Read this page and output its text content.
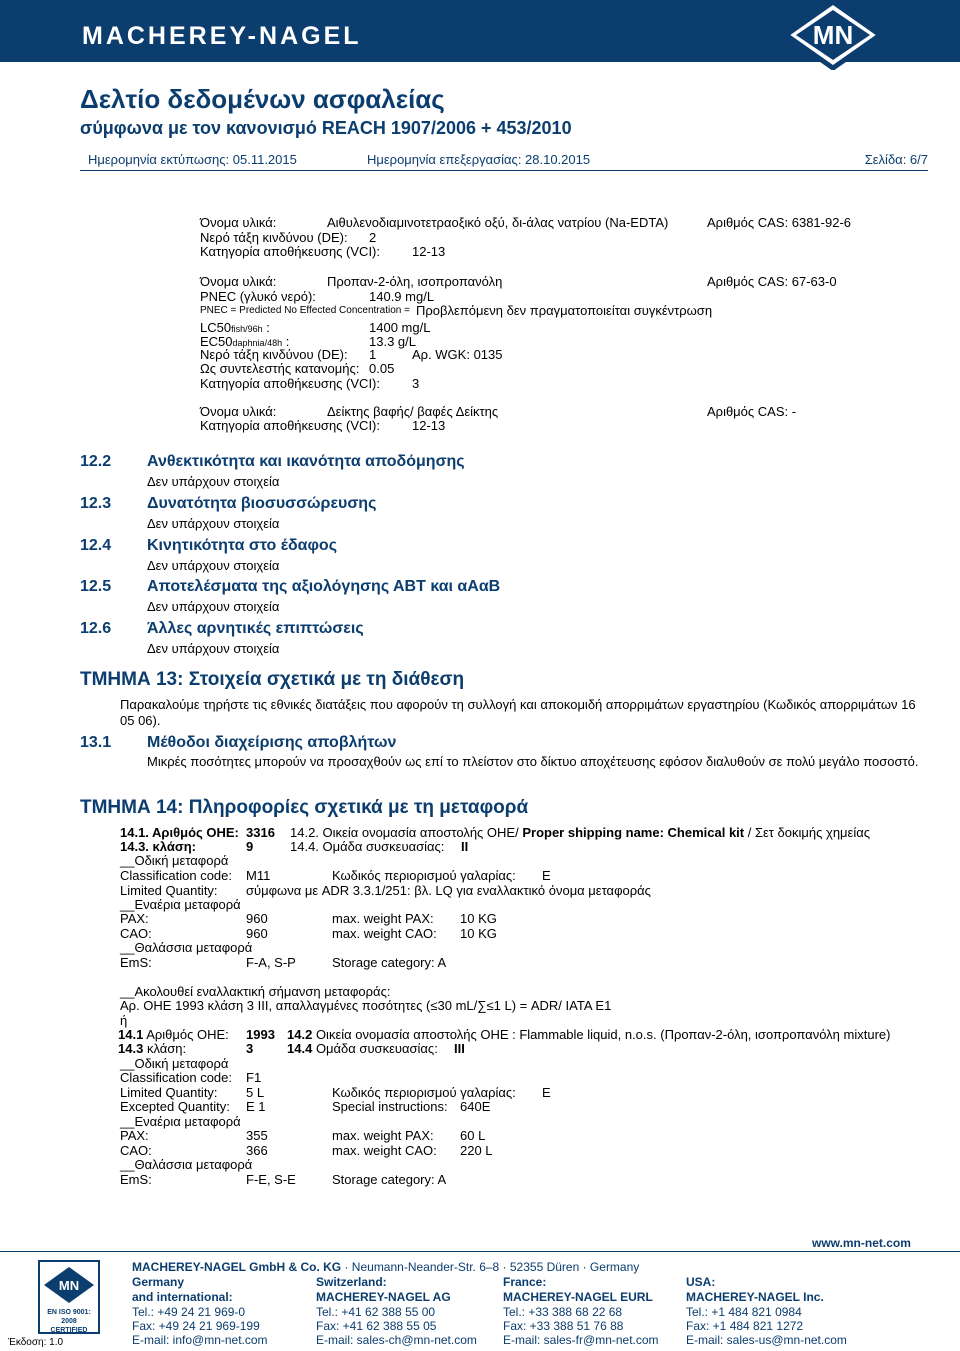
MACHEREY-NAGEL	MN
Δελτίο δεδομένων ασφαλείας
σύμφωνα με τον κανονισμό REACH 1907/2006 + 453/2010
Ημερομηνία εκτύπωσης: 05.11.2015	Ημερομηνία επεξεργασίας: 28.10.2015	Σελίδα: 6/7
Όνομα υλικά:	Αιθυλενοδιαμινοτετραοξικό οξύ, δι-άλας νατρίου (Na-EDTA)	Αριθμός CAS: 6381-92-6
Νερό τάξη κινδύνου (DE): 2
Κατηγορία αποθήκευσης (VCI): 12-13
Όνομα υλικά:	Προπαν-2-όλη, ισοπροπανόλη	Αριθμός CAS: 67-63-0
PNEC (γλυκό νερό):	140.9 mg/L
PNEC = Predicted No Effected Concentration = Προβλεπόμενη δεν πραγματοποιείται συγκέντρωση
LC50fish/96h :	1400 mg/L
EC50daphnia/48h :	13.3 g/L
Νερό τάξη κινδύνου (DE): 1	Αρ. WGK: 0135
Ως συντελεστής κατανομής: 0.05
Κατηγορία αποθήκευσης (VCI): 3
Όνομα υλικά:	Δείκτης βαφής/ βαφές Δείκτης	Αριθμός CAS: -
Κατηγορία αποθήκευσης (VCI): 12-13
12.2 Ανθεκτικότητα και ικανότητα αποδόμησης
Δεν υπάρχουν στοιχεία
12.3 Δυνατότητα βιοσυσσώρευσης
Δεν υπάρχουν στοιχεία
12.4 Κινητικότητα στο έδαφος
Δεν υπάρχουν στοιχεία
12.5 Αποτελέσματα της αξιολόγησης ΑΒΤ και αΑαΒ
Δεν υπάρχουν στοιχεία
12.6 Άλλες αρνητικές επιπτώσεις
Δεν υπάρχουν στοιχεία
ΤΜΗΜΑ 13: Στοιχεία σχετικά με τη διάθεση
Παρακαλούμε τηρήστε τις εθνικές διατάξεις που αφορούν τη συλλογή και αποκομιδή απορριμάτων εργαστηρίου (Κωδικός απορριμάτων 16 05 06).
13.1 Μέθοδοι διαχείρισης αποβλήτων
Μικρές ποσότητες μπορούν να προσαχθούν ως επί το πλείστον στο δίκτυο αποχέτευσης εφόσον διαλυθούν σε πολύ μεγάλο ποσοστό.
ΤΜΗΜΑ 14: Πληροφορίες σχετικά με τη μεταφορά
14.1. Αριθμός ΟΗΕ: 3316 14.2. Οικεία ονομασία αποστολής ΟΗΕ/ Proper shipping name: Chemical kit / Σετ δοκιμής χημείας
14.3. κλάση:	9	14.4. Ομάδα συσκευασίας: II
__Οδική μεταφορά
Classification code: M11	Κωδικός περιορισμού γαλαρίας: E
Limited Quantity: σύμφωνα με ADR 3.3.1/251: βλ. LQ για εναλλακτικό όνομα μεταφοράς
__Εναέρια μεταφορά
PAX:	960	max. weight PAX: 10 KG
CAO:	960	max. weight CAO: 10 KG
__Θαλάσσια μεταφορά
EmS:	F-A, S-P	Storage category: A
__Ακολουθεί εναλλακτική σήμανση μεταφοράς:
Αρ. ΟΗΕ 1993 κλάση 3 III, απαλλαγμένες ποσότητες (≤30 mL/∑≤1 L) = ADR/ IATA E1
ή
14.1 Αριθμός ΟΗΕ: 1993 14.2 Οικεία ονομασία αποστολής ΟΗΕ : Flammable liquid, n.o.s. (Προπαν-2-όλη, ισοπροπανόλη mixture)
14.3 κλάση:	3	14.4 Ομάδα συσκευασίας: III
__Οδική μεταφορά
Classification code: F1
Limited Quantity: 5 L	Κωδικός περιορισμού γαλαρίας: E
Excepted Quantity: E 1	Special instructions: 640E
__Εναέρια μεταφορά
PAX:	355	max. weight PAX: 60 L
CAO:	366	max. weight CAO: 220 L
__Θαλάσσια μεταφορά
EmS:	F-E, S-E	Storage category: A
www.mn-net.com
MACHEREY-NAGEL GmbH & Co. KG · Neumann-Neander-Str. 6–8 · 52355 Düren · Germany
MN
EN ISO 9001: 2008
CERTIFIED
Germany
and international:
Tel.: +49 24 21 969-0
Fax: +49 24 21 969-199
E-mail: info@mn-net.com
Switzerland:
MACHEREY-NAGEL AG
Tel.: +41 62 388 55 00
Fax: +41 62 388 55 05
E-mail: sales-ch@mn-net.com
France:
MACHEREY-NAGEL EURL
Tel.: +33 388 68 22 68
Fax: +33 388 51 76 88
E-mail: sales-fr@mn-net.com
USA:
MACHEREY-NAGEL Inc.
Tel.: +1 484 821 0984
Fax: +1 484 821 1272
E-mail: sales-us@mn-net.com
Έκδοση: 1.0
